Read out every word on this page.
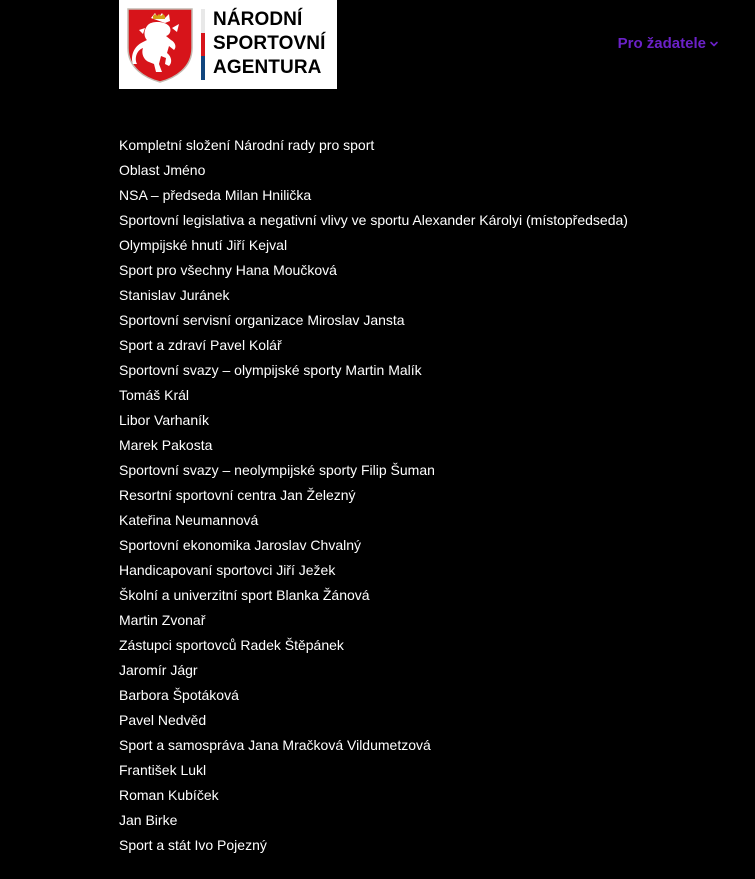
NÁRODNÍ
SPORTOVNÍ
AGENTURA
Pro žadatele
Kompletní složení Národní rady pro sport
Oblast Jméno
NSA – předseda Milan Hnilička
Sportovní legislativa a negativní vlivy ve sportu Alexander Károlyi (místopředseda)
Olympijské hnutí Jiří Kejval
Sport pro všechny Hana Moučková
Stanislav Juránek
Sportovní servisní organizace Miroslav Jansta
Sport a zdraví Pavel Kolář
Sportovní svazy – olympijské sporty Martin Malík
Tomáš Král
Libor Varhaník
Marek Pakosta
Sportovní svazy – neolympijské sporty Filip Šuman
Resortní sportovní centra Jan Železný
Kateřina Neumannová
Sportovní ekonomika Jaroslav Chvalný
Handicapovaní sportovci Jiří Ježek
Školní a univerzitní sport Blanka Žánová
Martin Zvonař
Zástupci sportovců Radek Štěpánek
Jaromír Jágr
Barbora Špotáková
Pavel Nedvěd
Sport a samospráva Jana Mračková Vildumetzová
František Lukl
Roman Kubíček
Jan Birke
Sport a stát Ivo Pojezný
